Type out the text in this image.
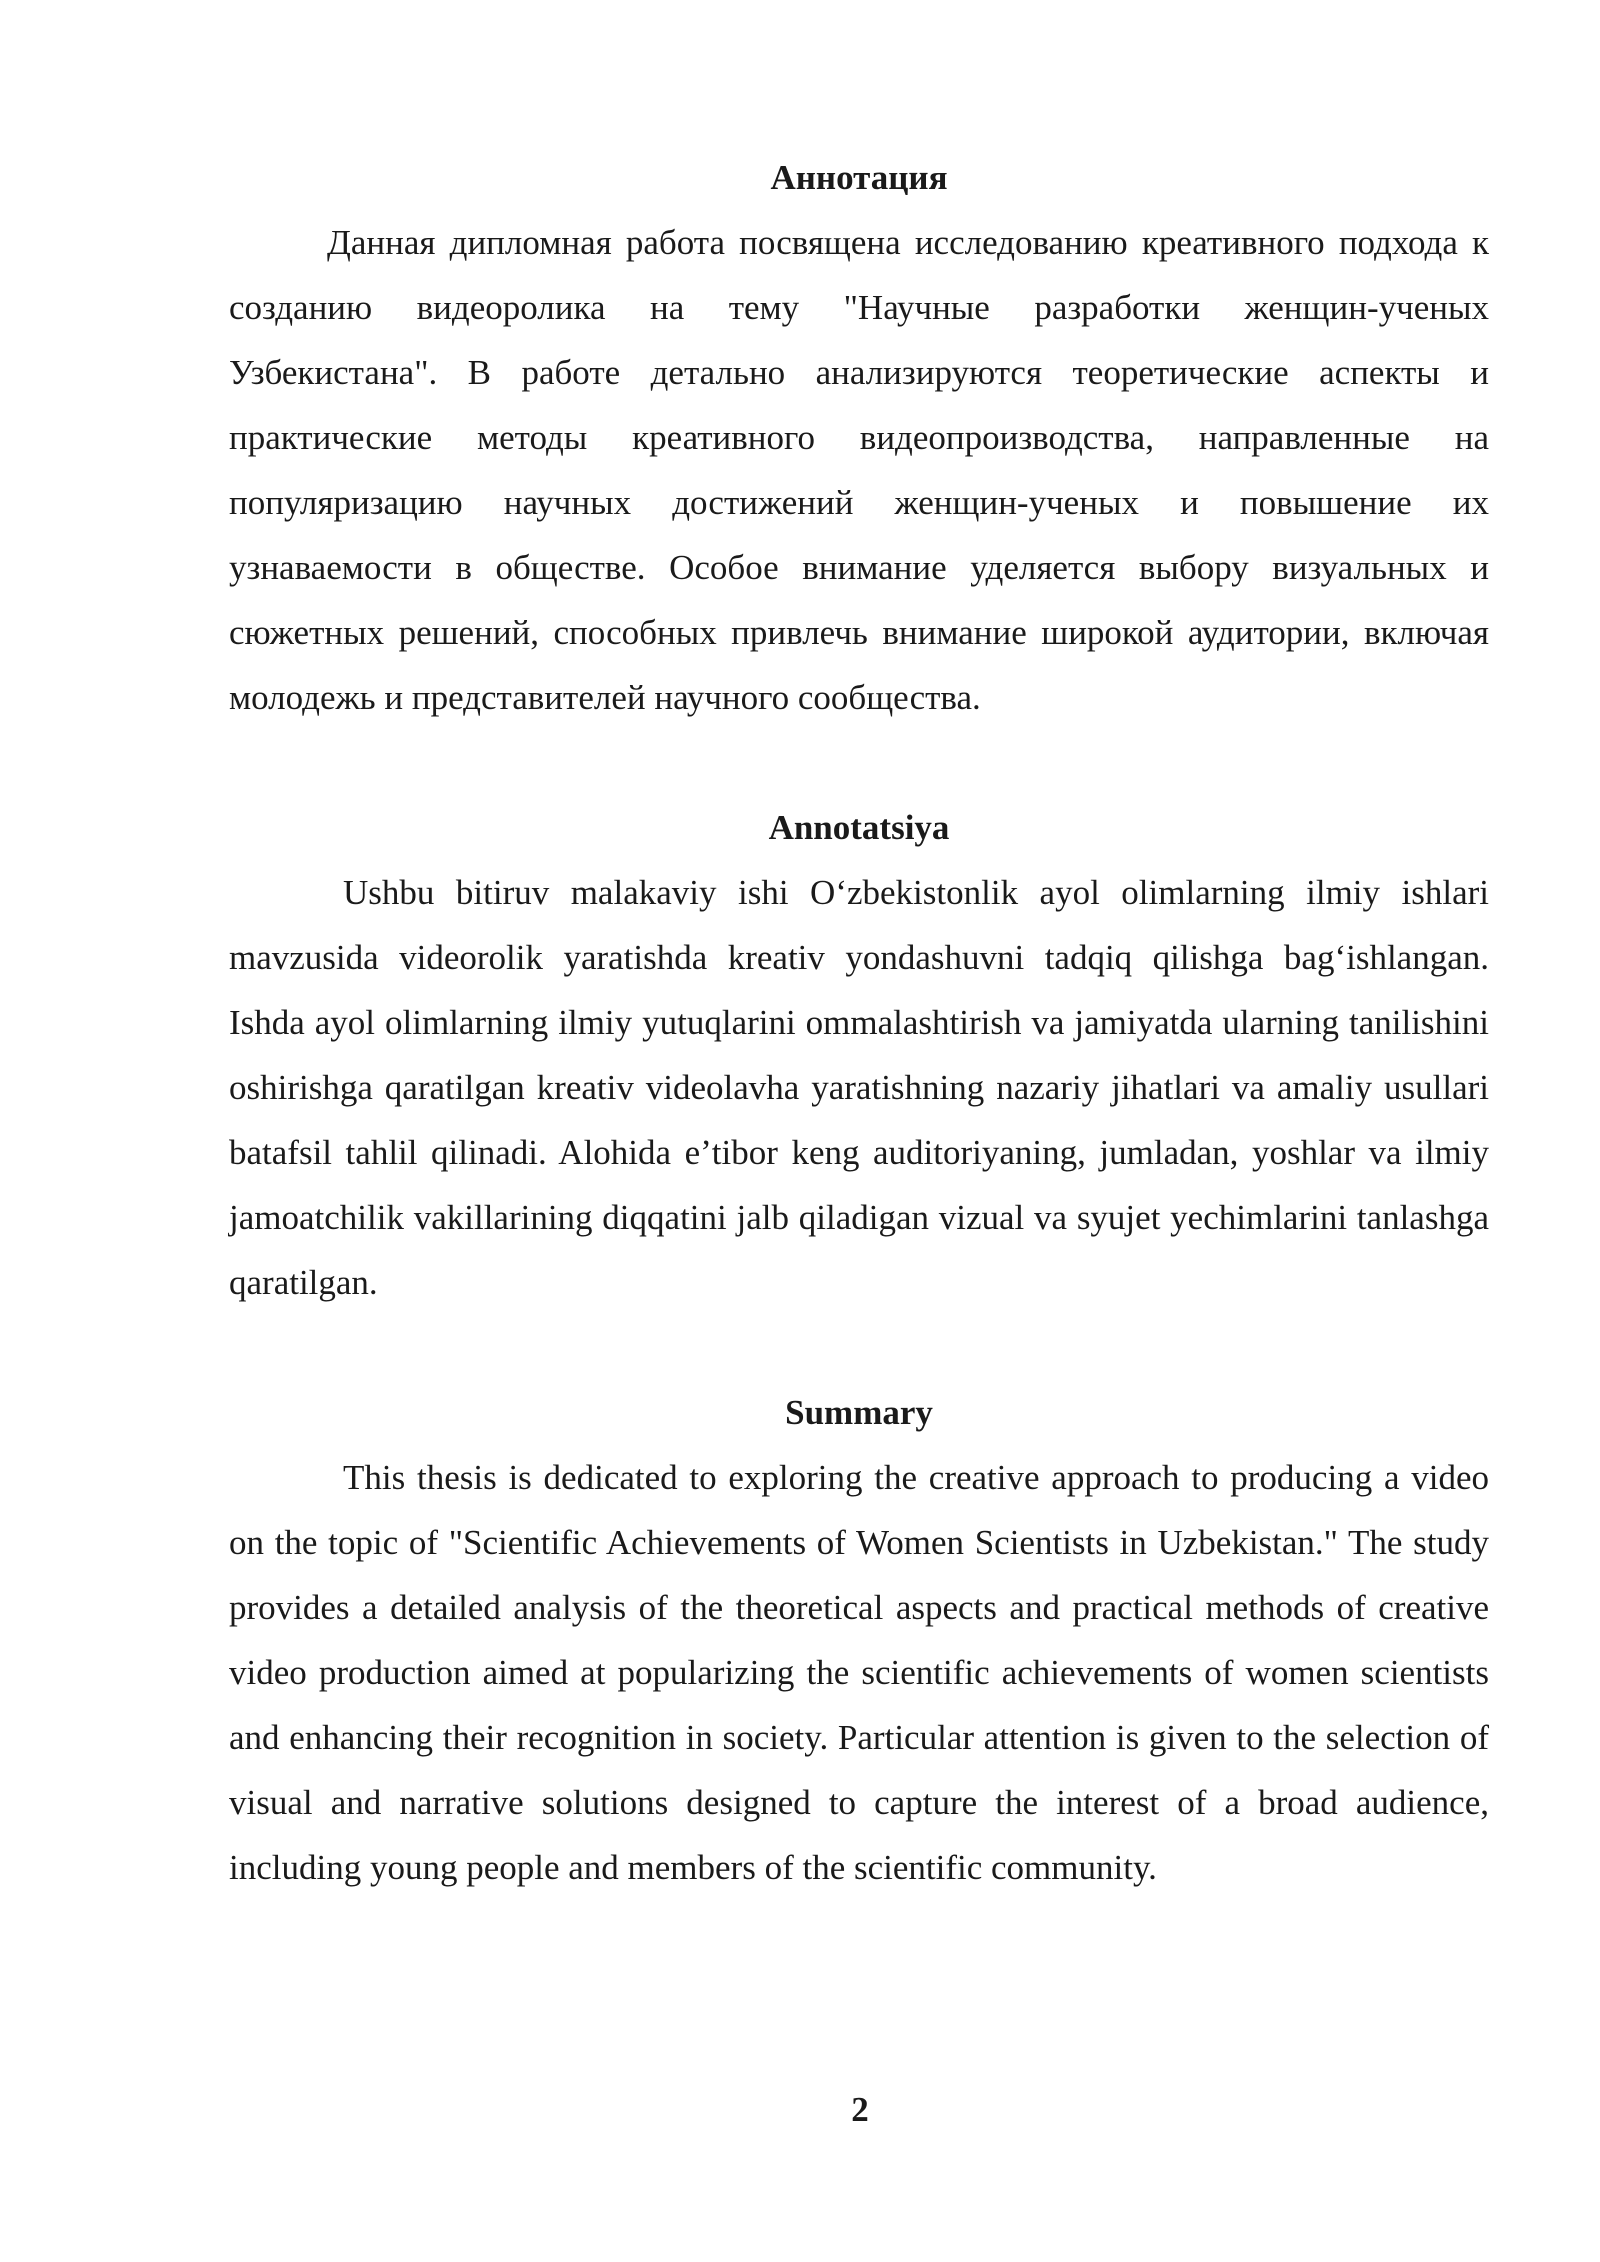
Аннотация

Данная дипломная работа посвящена исследованию креативного подхода к созданию видеоролика на тему "Научные разработки женщин-ученых Узбекистана". В работе детально анализируются теоретические аспекты и практические методы креативного видеопроизводства, направленные на популяризацию научных достижений женщин-ученых и повышение их узнаваемости в обществе. Особое внимание уделяется выбору визуальных и сюжетных решений, способных привлечь внимание широкой аудитории, включая молодежь и представителей научного сообщества.

Annotatsiya

Ushbu bitiruv malakaviy ishi Oʻzbekistonlik ayol olimlarning ilmiy ishlari mavzusida videorolik yaratishda kreativ yondashuvni tadqiq qilishga bagʻishlangan. Ishda ayol olimlarning ilmiy yutuqlarini ommalashtirish va jamiyatda ularning tanilishini oshirishga qaratilgan kreativ videolavha yaratishning nazariy jihatlari va amaliy usullari batafsil tahlil qilinadi. Alohida eʼtibor keng auditoriyaning, jumladan, yoshlar va ilmiy jamoatchilik vakillarining diqqatini jalb qiladigan vizual va syujet yechimlarini tanlashga qaratilgan.

Summary

This thesis is dedicated to exploring the creative approach to producing a video on the topic of "Scientific Achievements of Women Scientists in Uzbekistan." The study provides a detailed analysis of the theoretical aspects and practical methods of creative video production aimed at popularizing the scientific achievements of women scientists and enhancing their recognition in society. Particular attention is given to the selection of visual and narrative solutions designed to capture the interest of a broad audience, including young people and members of the scientific community.

2
